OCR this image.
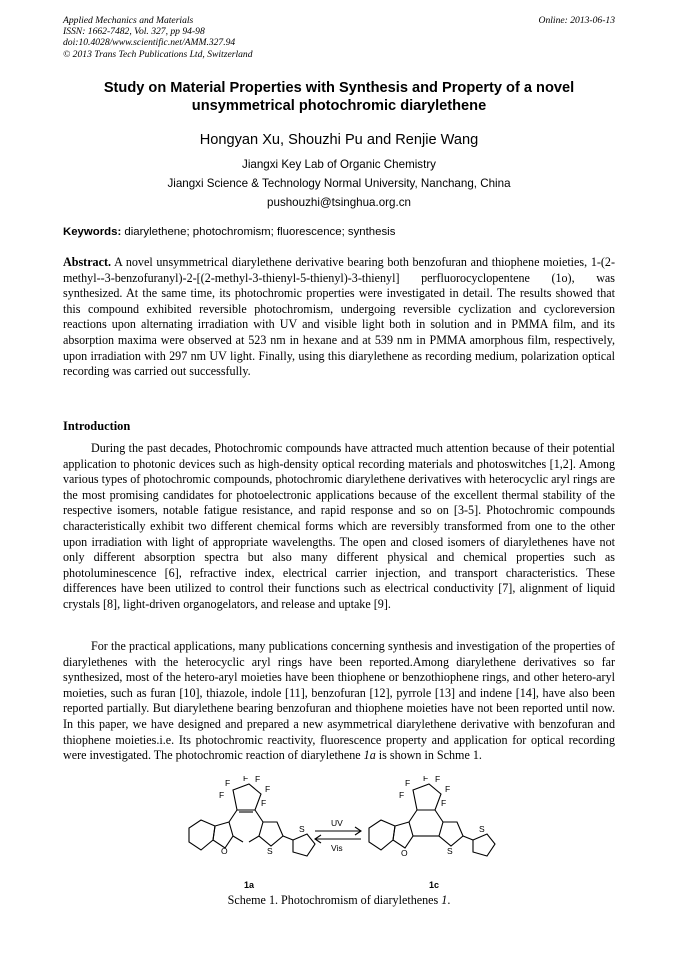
Applied Mechanics and Materials
ISSN: 1662-7482, Vol. 327, pp 94-98
doi:10.4028/www.scientific.net/AMM.327.94
© 2013 Trans Tech Publications Ltd, Switzerland
Online: 2013-06-13
Study on Material Properties with Synthesis and Property of a novel unsymmetrical photochromic diarylethene
Hongyan Xu, Shouzhi Pu and Renjie Wang
Jiangxi Key Lab of Organic Chemistry
Jiangxi Science & Technology Normal University, Nanchang, China
pushouzhi@tsinghua.org.cn
Keywords: diarylethene; photochromism; fluorescence; synthesis
Abstract. A novel unsymmetrical diarylethene derivative bearing both benzofuran and thiophene moieties, 1-(2-methyl--3-benzofuranyl)-2-[(2-methyl-3-thienyl-5-thienyl)-3-thienyl] perfluorocyclopentene (1o), was synthesized. At the same time, its photochromic properties were investigated in detail. The results showed that this compound exhibited reversible photochromism, undergoing reversible cyclization and cycloreversion reactions upon alternating irradiation with UV and visible light both in solution and in PMMA film, and its absorption maxima were observed at 523 nm in hexane and at 539 nm in PMMA amorphous film, respectively, upon irradiation with 297 nm UV light. Finally, using this diarylethene as recording medium, polarization optical recording was carried out successfully.
Introduction
During the past decades, Photochromic compounds have attracted much attention because of their potential application to photonic devices such as high-density optical recording materials and photoswitches [1,2]. Among various types of photochromic compounds, photochromic diarylethene derivatives with heterocyclic aryl rings are the most promising candidates for photoelectronic applications because of the excellent thermal stability of the respective isomers, notable fatigue resistance, and rapid response and so on [3-5]. Photochromic compounds characteristically exhibit two different chemical forms which are reversibly transformed from one to the other upon irradiation with light of appropriate wavelengths. The open and closed isomers of diarylethenes have not only different absorption spectra but also many different physical and chemical properties such as photoluminescence [6], refractive index, electrical carrier injection, and transport characteristics. These differences have been utilized to control their functions such as electrical conductivity [7], alignment of liquid crystals [8], light-driven organogelators, and release and uptake [9].
For the practical applications, many publications concerning synthesis and investigation of the properties of diarylethenes with the heterocyclic aryl rings have been reported.Among diarylethene derivatives so far synthesized, most of the hetero-aryl moieties have been thiophene or benzothiophene rings, and other hetero-aryl moieties, such as furan [10], thiazole, indole [11], benzofuran [12], pyrrole [13] and indene [14], have also been reported partially. But diarylethene bearing benzofuran and thiophene moieties have not been reported until now. In this paper, we have designed and prepared a new asymmetrical diarylethene derivative with benzofuran and thiophene moieties.i.e. Its photochromic reactivity, fluorescence property and application for optical recording were investigated. The photochromic reaction of diarylethene 1a is shown in Schme 1.
F F F
F
F
F
O	S
S
F F F
F
F
F
O	S
S
UV
Vis
1a	1c
Scheme 1. Photochromism of diarylethenes 1.
